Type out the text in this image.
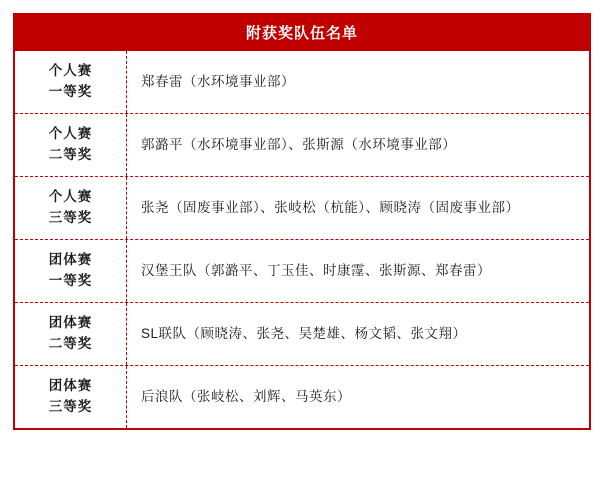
附获奖队伍名单
个人赛
一等奖
郑春雷（水环境事业部）
个人赛
二等奖
郭潞平（水环境事业部）、张斯源（水环境事业部）
个人赛
三等奖
张尧（固废事业部）、张岐松（杭能）、顾晓涛（固废事业部）
团体赛
一等奖
汉堡王队（郭潞平、丁玉佳、时康霪、张斯源、郑春雷）
团体赛
二等奖
SL联队（顾晓涛、张尧、吴楚雄、杨文韬、张文翔）
团体赛
三等奖
后浪队（张岐松、刘辉、马英东）
